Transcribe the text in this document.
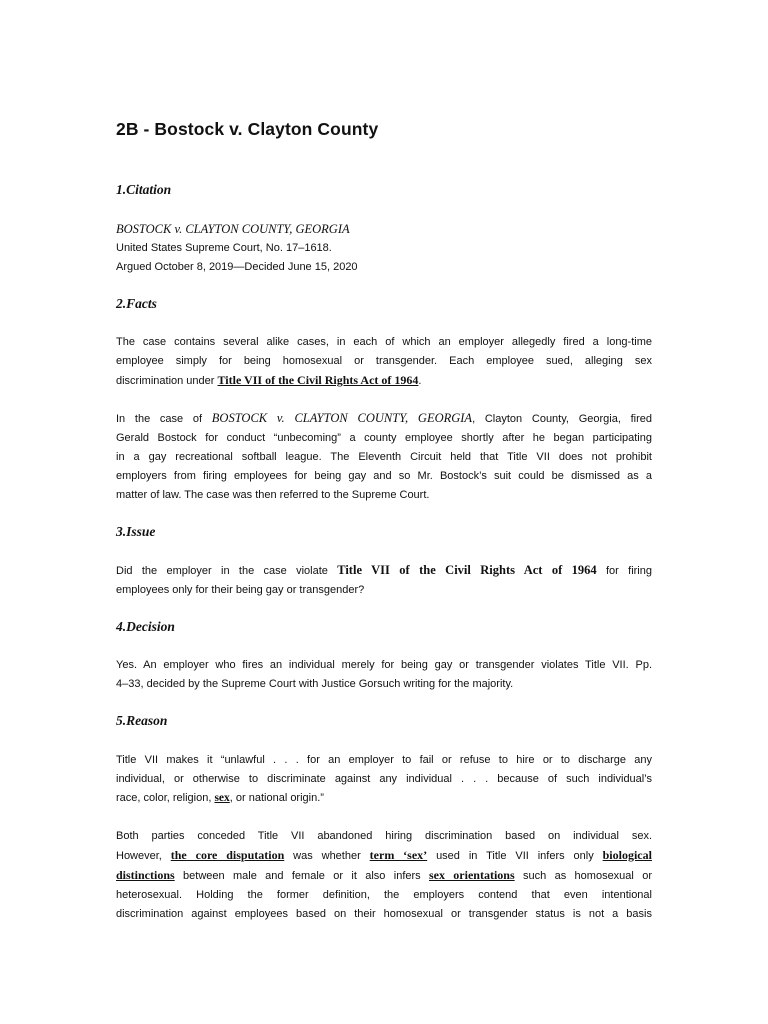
2B - Bostock v. Clayton County
1.Citation
BOSTOCK v. CLAYTON COUNTY, GEORGIA
United States Supreme Court, No. 17–1618.
Argued October 8, 2019—Decided June 15, 2020
2.Facts
The case contains several alike cases, in each of which an employer allegedly fired a long-time
employee simply for being homosexual or transgender. Each employee sued, alleging sex
discrimination under Title VII of the Civil Rights Act of 1964.
In the case of BOSTOCK v. CLAYTON COUNTY, GEORGIA, Clayton County, Georgia, fired
Gerald Bostock for conduct “unbecoming” a county employee shortly after he began participating
in a gay recreational softball league. The Eleventh Circuit held that Title VII does not prohibit
employers from firing employees for being gay and so Mr. Bostock’s suit could be dismissed as a
matter of law. The case was then referred to the Supreme Court.
3.Issue
Did the employer in the case violate Title VII of the Civil Rights Act of 1964 for firing
employees only for their being gay or transgender?
4.Decision
Yes. An employer who fires an individual merely for being gay or transgender violates Title VII. Pp.
4–33, decided by the Supreme Court with Justice Gorsuch writing for the majority.
5.Reason
Title VII makes it “unlawful . . . for an employer to fail or refuse to hire or to discharge any
individual, or otherwise to discriminate against any individual . . . because of such individual’s
race, color, religion, sex, or national origin.”
Both parties conceded Title VII abandoned hiring discrimination based on individual sex.
However, the core disputation was whether term ‘sex’ used in Title VII infers only biological
distinctions between male and female or it also infers sex orientations such as homosexual or
heterosexual. Holding the former definition, the employers contend that even intentional
discrimination against employees based on their homosexual or transgender status is not a basis
